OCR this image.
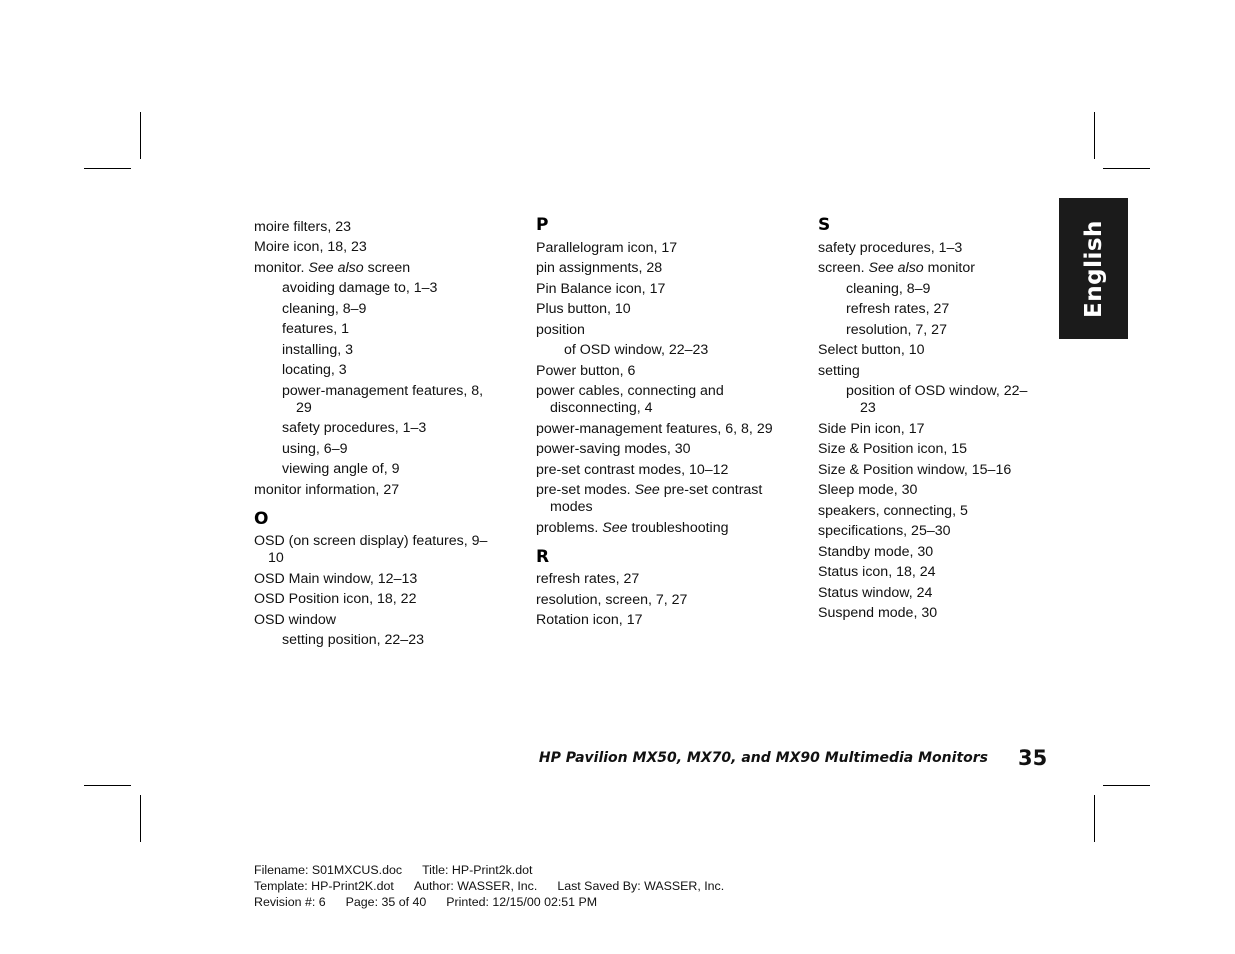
moire filters, 23
Moire icon, 18, 23
monitor. See also screen
avoiding damage to, 1–3
cleaning, 8–9
features, 1
installing, 3
locating, 3
power-management features, 8, 29
safety procedures, 1–3
using, 6–9
viewing angle of, 9
monitor information, 27
O
OSD (on screen display) features, 9–10
OSD Main window, 12–13
OSD Position icon, 18, 22
OSD window
setting position, 22–23
P
Parallelogram icon, 17
pin assignments, 28
Pin Balance icon, 17
Plus button, 10
position
of OSD window, 22–23
Power button, 6
power cables, connecting and disconnecting, 4
power-management features, 6, 8, 29
power-saving modes, 30
pre-set contrast modes, 10–12
pre-set modes. See pre-set contrast modes
problems. See troubleshooting
R
refresh rates, 27
resolution, screen, 7, 27
Rotation icon, 17
S
safety procedures, 1–3
screen. See also monitor
cleaning, 8–9
refresh rates, 27
resolution, 7, 27
Select button, 10
setting
position of OSD window, 22–23
Side Pin icon, 17
Size & Position icon, 15
Size & Position window, 15–16
Sleep mode, 30
speakers, connecting, 5
specifications, 25–30
Standby mode, 30
Status icon, 18, 24
Status window, 24
Suspend mode, 30
English
HP Pavilion MX50, MX70, and MX90 Multimedia Monitors 35
Filename: S01MXCUS.doc Title: HP-Print2k.dot
Template: HP-Print2K.dot Author: WASSER, Inc. Last Saved By: WASSER, Inc.
Revision #: 6 Page: 35 of 40 Printed: 12/15/00 02:51 PM
